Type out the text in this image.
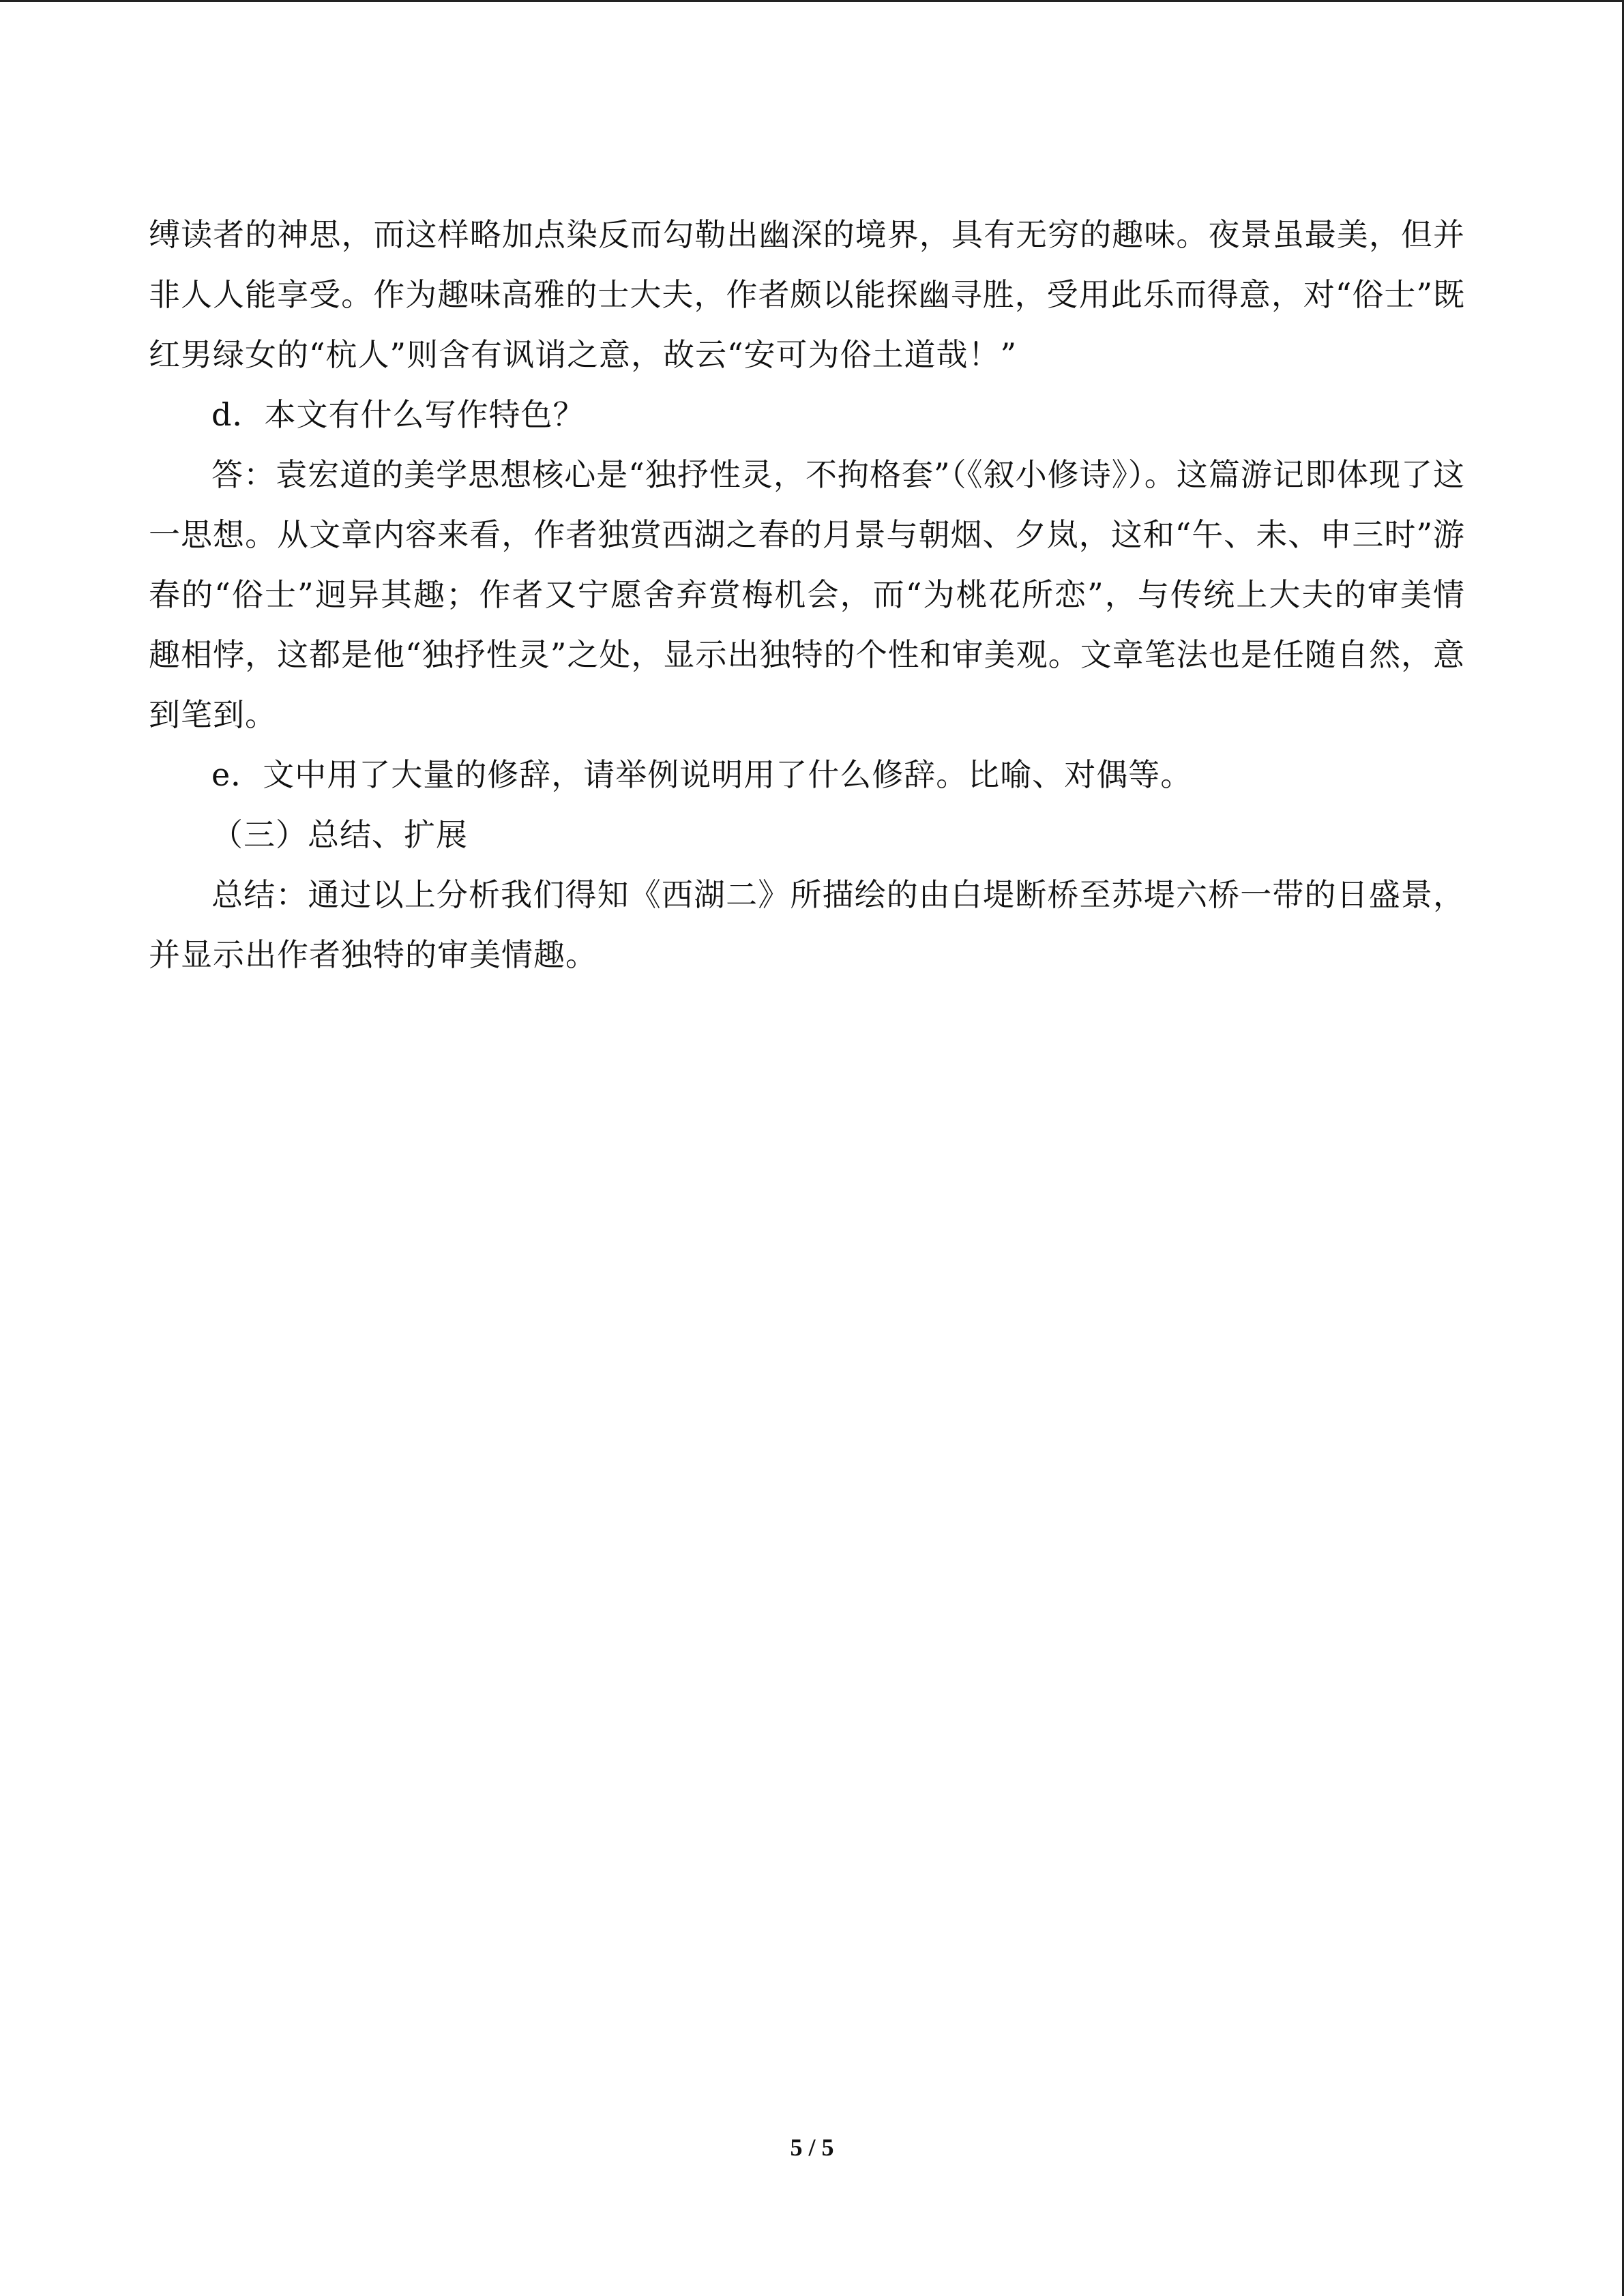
缚读者的神思，而这样略加点染反而勾勒出幽深的境界，具有无穷的趣味。夜景虽最美，但并非人人能享受。作为趣味高雅的士大夫，作者颇以能探幽寻胜，受用此乐而得意，对“俗士”既红男绿女的“杭人”则含有讽诮之意，故云“安可为俗土道哉！”

d．本文有什么写作特色？

答：袁宏道的美学思想核心是“独抒性灵，不拘格套”（《叙小修诗》）。这篇游记即体现了这一思想。从文章内容来看，作者独赏西湖之春的月景与朝烟、夕岚，这和“午、未、申三时”游春的“俗士”迥异其趣；作者又宁愿舍弃赏梅机会，而“为桃花所恋”，与传统上大夫的审美情趣相悖，这都是他“独抒性灵”之处，显示出独特的个性和审美观。文章笔法也是任随自然，意到笔到。

e．文中用了大量的修辞，请举例说明用了什么修辞。比喻、对偶等。

（三）总结、扩展

总结：通过以上分析我们得知《西湖二》所描绘的由白堤断桥至苏堤六桥一带的日盛景，并显示出作者独特的审美情趣。

5 / 5
